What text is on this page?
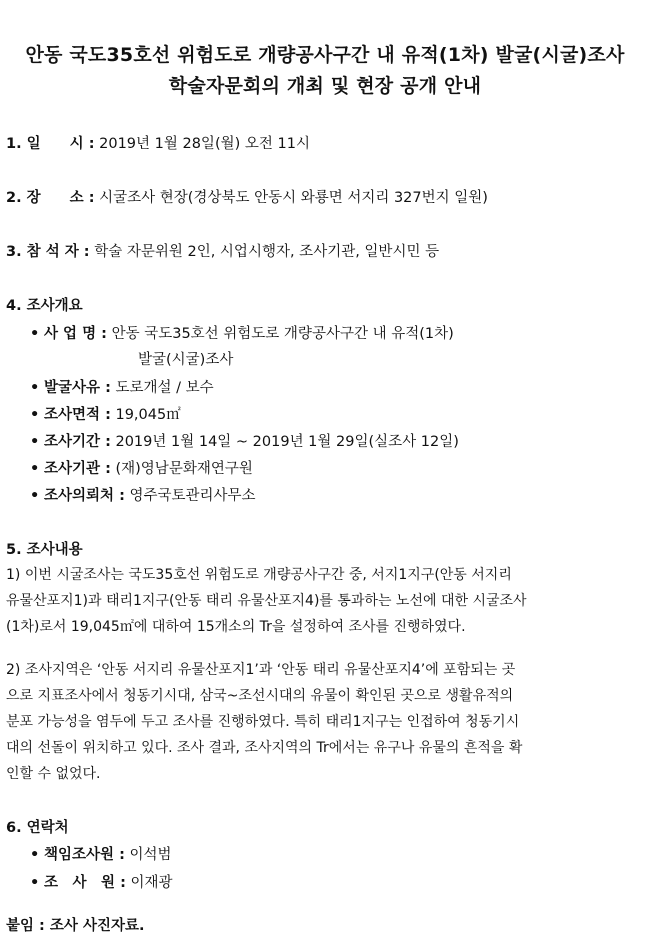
안동 국도35호선 위험도로 개량공사구간 내 유적(1차) 발굴(시굴)조사
학술자문회의 개최 및 현장 공개 안내
1. 일　　시 : 2019년 1월 28일(월) 오전 11시
2. 장　　소 : 시굴조사 현장(경상북도 안동시 와룡면 서지리 327번지 일원)
3. 참 석 자 : 학술 자문위원 2인, 시업시행자, 조사기관, 일반시민 등
4. 조사개요
• 사 업 명 : 안동 국도35호선 위험도로 개량공사구간 내 유적(1차)
발굴(시굴)조사
• 발굴사유 : 도로개설 / 보수
• 조사면적 : 19,045㎡
• 조사기간 : 2019년 1월 14일 ~ 2019년 1월 29일(실조사 12일)
• 조사기관 : (재)영남문화재연구원
• 조사의뢰처 : 영주국토관리사무소
5. 조사내용
1) 이번 시굴조사는 국도35호선 위험도로 개량공사구간 중, 서지1지구(안동 서지리
유물산포지1)과 태리1지구(안동 태리 유물산포지4)를 통과하는 노선에 대한 시굴조사
(1차)로서 19,045㎡에 대하여 15개소의 Tr을 설정하여 조사를 진행하였다.
2) 조사지역은 ‘안동 서지리 유물산포지1’과 ‘안동 태리 유물산포지4’에 포함되는 곳
으로 지표조사에서 청동기시대, 삼국~조선시대의 유물이 확인된 곳으로 생활유적의
분포 가능성을 염두에 두고 조사를 진행하였다. 특히 태리1지구는 인접하여 청동기시
대의 선돌이 위치하고 있다. 조사 결과, 조사지역의 Tr에서는 유구나 유물의 흔적을 확
인할 수 없었다.
6. 연락처
• 책임조사원 : 이석범
• 조　사　원 : 이재광
붙임 : 조사 사진자료.
